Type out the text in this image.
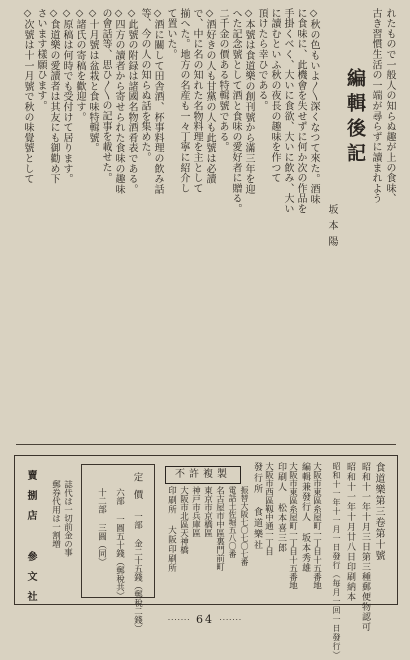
れたもので一般人の知らぬ趣が上の食味、
古き習慣生活の一端が尋らずに讀まれよう
編輯後記
坂本陽
◇秋の色もいよ〳〵深くなつて來た。酒味
に食味に、此機會を失せずに何か次の作品を
手掛くべく、大いに食欲、大いに飲み、大い
に讀むといふ秋の夜長の趣味を作つて
頂けたら幸ひである。
◇本號は食道樂の創刊號から滿三年を迎
へた記念號として酒と食味の愛好者に贈る。
二千金の價ある特輯號である。
◇酒好きの人も甘黨の人も此號は必讀
で、中に名の知れた名物料理を主として
揃へた。地方の名産も一々丁寧に紹介し
て置いた。
◇酒に關して田舎酒、杯事料理の飲み話
等、今の人の知らぬ話を集めた。
◇此號の附録は諸國名物酒肴表である。
◇四方の讀者から寄せられた食味の趣味
の會話等、思ひ〳〵の記事を載せた。
◇十月號は盆栽と食味特輯號。
◇諸氏の寄稿を歡迎す。
◇原稿は何時でも受付けて居ります。
◇食道樂の愛讀者は其友にも御勸め下
さいます樣願ひます。
◇次號は十一月號で秋の味覺號として
食道樂第三卷第十號
昭和十一年十月三日第三種郵便物認可
昭和十一年十月廿八日印刷納本
昭和十一年十一月一日發行（毎月一回一日發行）
大阪市東區糸屋町一丁目十五番地
編輯兼發行人 坂本秀雄
大阪市東區糸屋町一丁目十五番地
印刷人 松本喜三郎
大阪市西區靱中通一丁目
發行所 食道樂社
振替大阪七〇七〇七番
電話土佐堀五八〇番
名古屋市中區裏門前町
東京市京橋區
神戸市兵庫區
大阪市北區天神橋
印刷所 大阪印刷所
定價
一部 金二十五錢（郵稅二錢）
六部 一圓五十錢（郵稅共）
十二部 三圓（同）
誌代は一切前金の事
郵券代用は一割増
賣捌店 參文社	不許複製
······· 64 ·······
